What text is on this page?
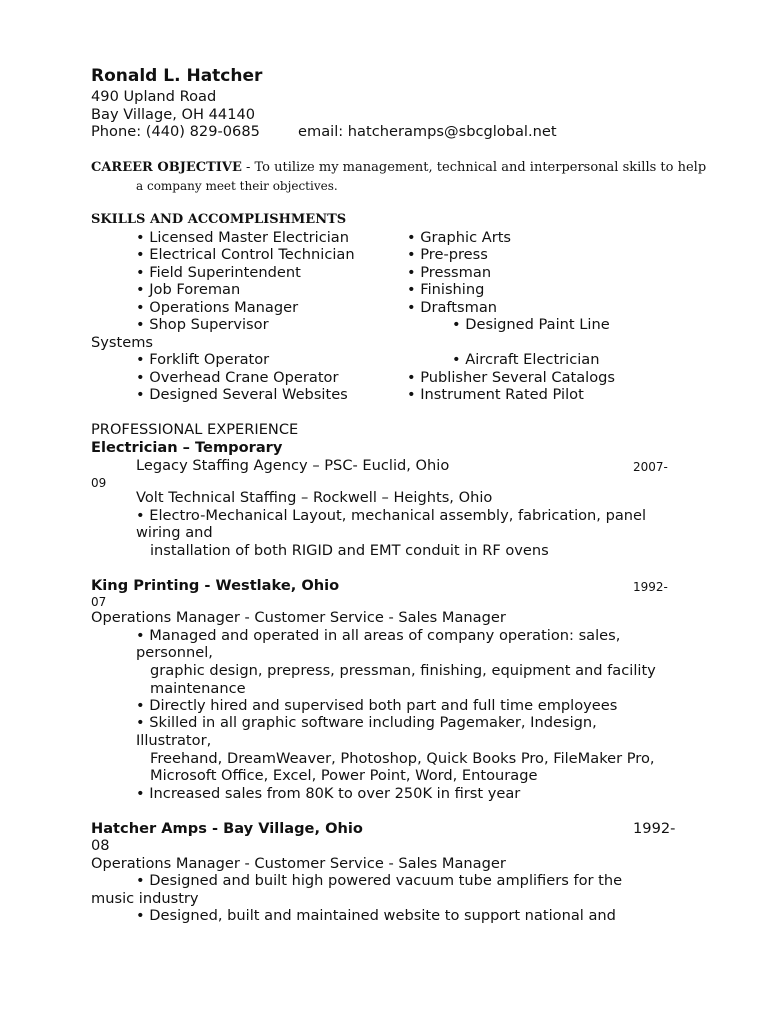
Ronald L. Hatcher
490 Upland Road
Bay Village, OH 44140
Phone: (440) 829-0685	email: hatcheramps@sbcglobal.net
CAREER OBJECTIVE - To utilize my management, technical and interpersonal skills to help
a company meet their objectives.
SKILLS AND ACCOMPLISHMENTS
• Licensed Master Electrician
• Electrical Control Technician
• Field Superintendent
• Job Foreman
• Operations Manager
• Shop Supervisor
Systems
• Forklift Operator
• Overhead Crane Operator
• Designed Several Websites
• Graphic Arts
• Pre-press
• Pressman
• Finishing
• Draftsman
• Designed Paint Line
• Aircraft Electrician
• Publisher Several Catalogs
• Instrument Rated Pilot
PROFESSIONAL EXPERIENCE
Electrician – Temporary
Legacy Staffing Agency – PSC- Euclid, Ohio	2007-
09
Volt Technical Staffing – Rockwell – Heights, Ohio
• Electro-Mechanical Layout, mechanical assembly, fabrication, panel
wiring and
installation of both RIGID and EMT conduit in RF ovens
King Printing - Westlake, Ohio	1992-
07
Operations Manager - Customer Service - Sales Manager
• Managed and operated in all areas of company operation: sales,
personnel,
graphic design, prepress, pressman, finishing, equipment and facility
maintenance
• Directly hired and supervised both part and full time employees
• Skilled in all graphic software including Pagemaker, Indesign,
Illustrator,
Freehand, DreamWeaver, Photoshop, Quick Books Pro, FileMaker Pro,
Microsoft Office, Excel, Power Point, Word, Entourage
• Increased sales from 80K to over 250K in first year
Hatcher Amps - Bay Village, Ohio	1992-
08
Operations Manager - Customer Service - Sales Manager
• Designed and built high powered vacuum tube amplifiers for the
music industry
• Designed, built and maintained website to support national and
